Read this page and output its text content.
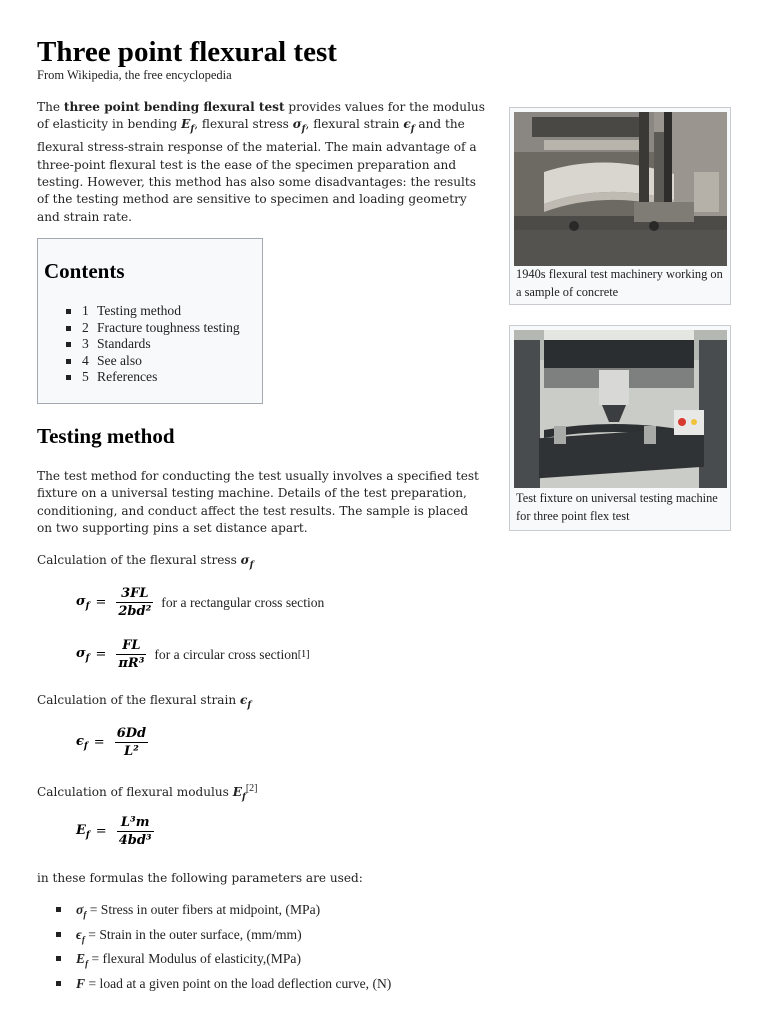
Three point flexural test
From Wikipedia, the free encyclopedia

The three point bending flexural test provides values for the modulus of elasticity in bending $E_f$, flexural stress $\sigma_f$, flexural strain $\epsilon_f$ and the flexural stress-strain response of the material. The main advantage of a three-point flexural test is the ease of the specimen preparation and testing. However, this method has also some disadvantages: the results of the testing method are sensitive to specimen and loading geometry and strain rate.

Contents
1 Testing method
2 Fracture toughness testing
3 Standards
4 See also
5 References
Testing method

The test method for conducting the test usually involves a specified test fixture on a universal testing machine. Details of the test preparation, conditioning, and conduct affect the test results. The sample is placed on two supporting pins a set distance apart.

Calculation of the flexural stress $\sigma_f$
$\sigma_f = \frac{3FL}{\text{2bd²}}$ for a rectangular cross section
$\sigma_f = \frac{FL}{\text{πR³}}$ for a circular cross section [1]
Calculation of the flexural strain $\epsilon_f$
$\epsilon_f = \frac{6Dd}{\text{L²}}$
Calculation of flexural modulus $E_f[2]$
$E_f = \frac{\text{L³m}}{\text{4bd³}}$
in these formulas the following parameters are used:
$\sigma_f$ = Stress in outer fibers at midpoint, (MPa)
$\epsilon_f$ = Strain in the outer surface, (mm/mm)
$E_f$ = flexural Modulus of elasticity,(MPa)
F = load at a given point on the load deflection curve, (N)
1940s flexural test machinery working on a sample of concrete
Test fixture on universal testing machine for three point flex test
